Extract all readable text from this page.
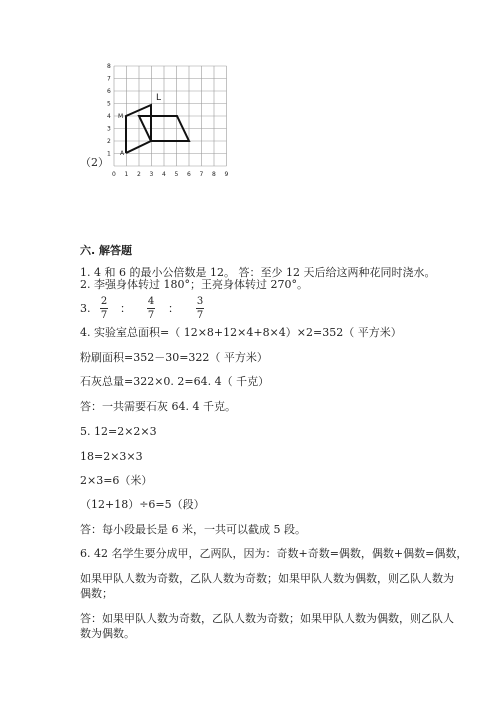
（2）
0 1 2 3 4 5 6 7 8 9
1
2
3
4
5
6
7
8
L
M
A
六. 解答题
1. 4 和 6 的最小公倍数是 12。 答：至少 12 天后给这两种花同时浇水。
2. 李强身体转过 180°；王亮身体转过 270°。
3.
2
7
：
4
7
：
3
7
4. 实验室总面积=（ 12×8+12×4+8×4）×2=352（ 平方米）
粉刷面积=352－30=322（ 平方米）
石灰总量=322×0. 2=64. 4（ 千克）
答：一共需要石灰 64. 4 千克。
5. 12=2×2×3
18=2×3×3
2×3=6（米）
（12+18）÷6=5（段）
答：每小段最长是 6 米，一共可以截成 5 段。
6. 42 名学生要分成甲，乙两队，因为：奇数+奇数=偶数，偶数+偶数=偶数，
如果甲队人数为奇数，乙队人数为奇数；如果甲队人数为偶数，则乙队人数为
偶数；
答：如果甲队人数为奇数，乙队人数为奇数；如果甲队人数为偶数，则乙队人
数为偶数。
